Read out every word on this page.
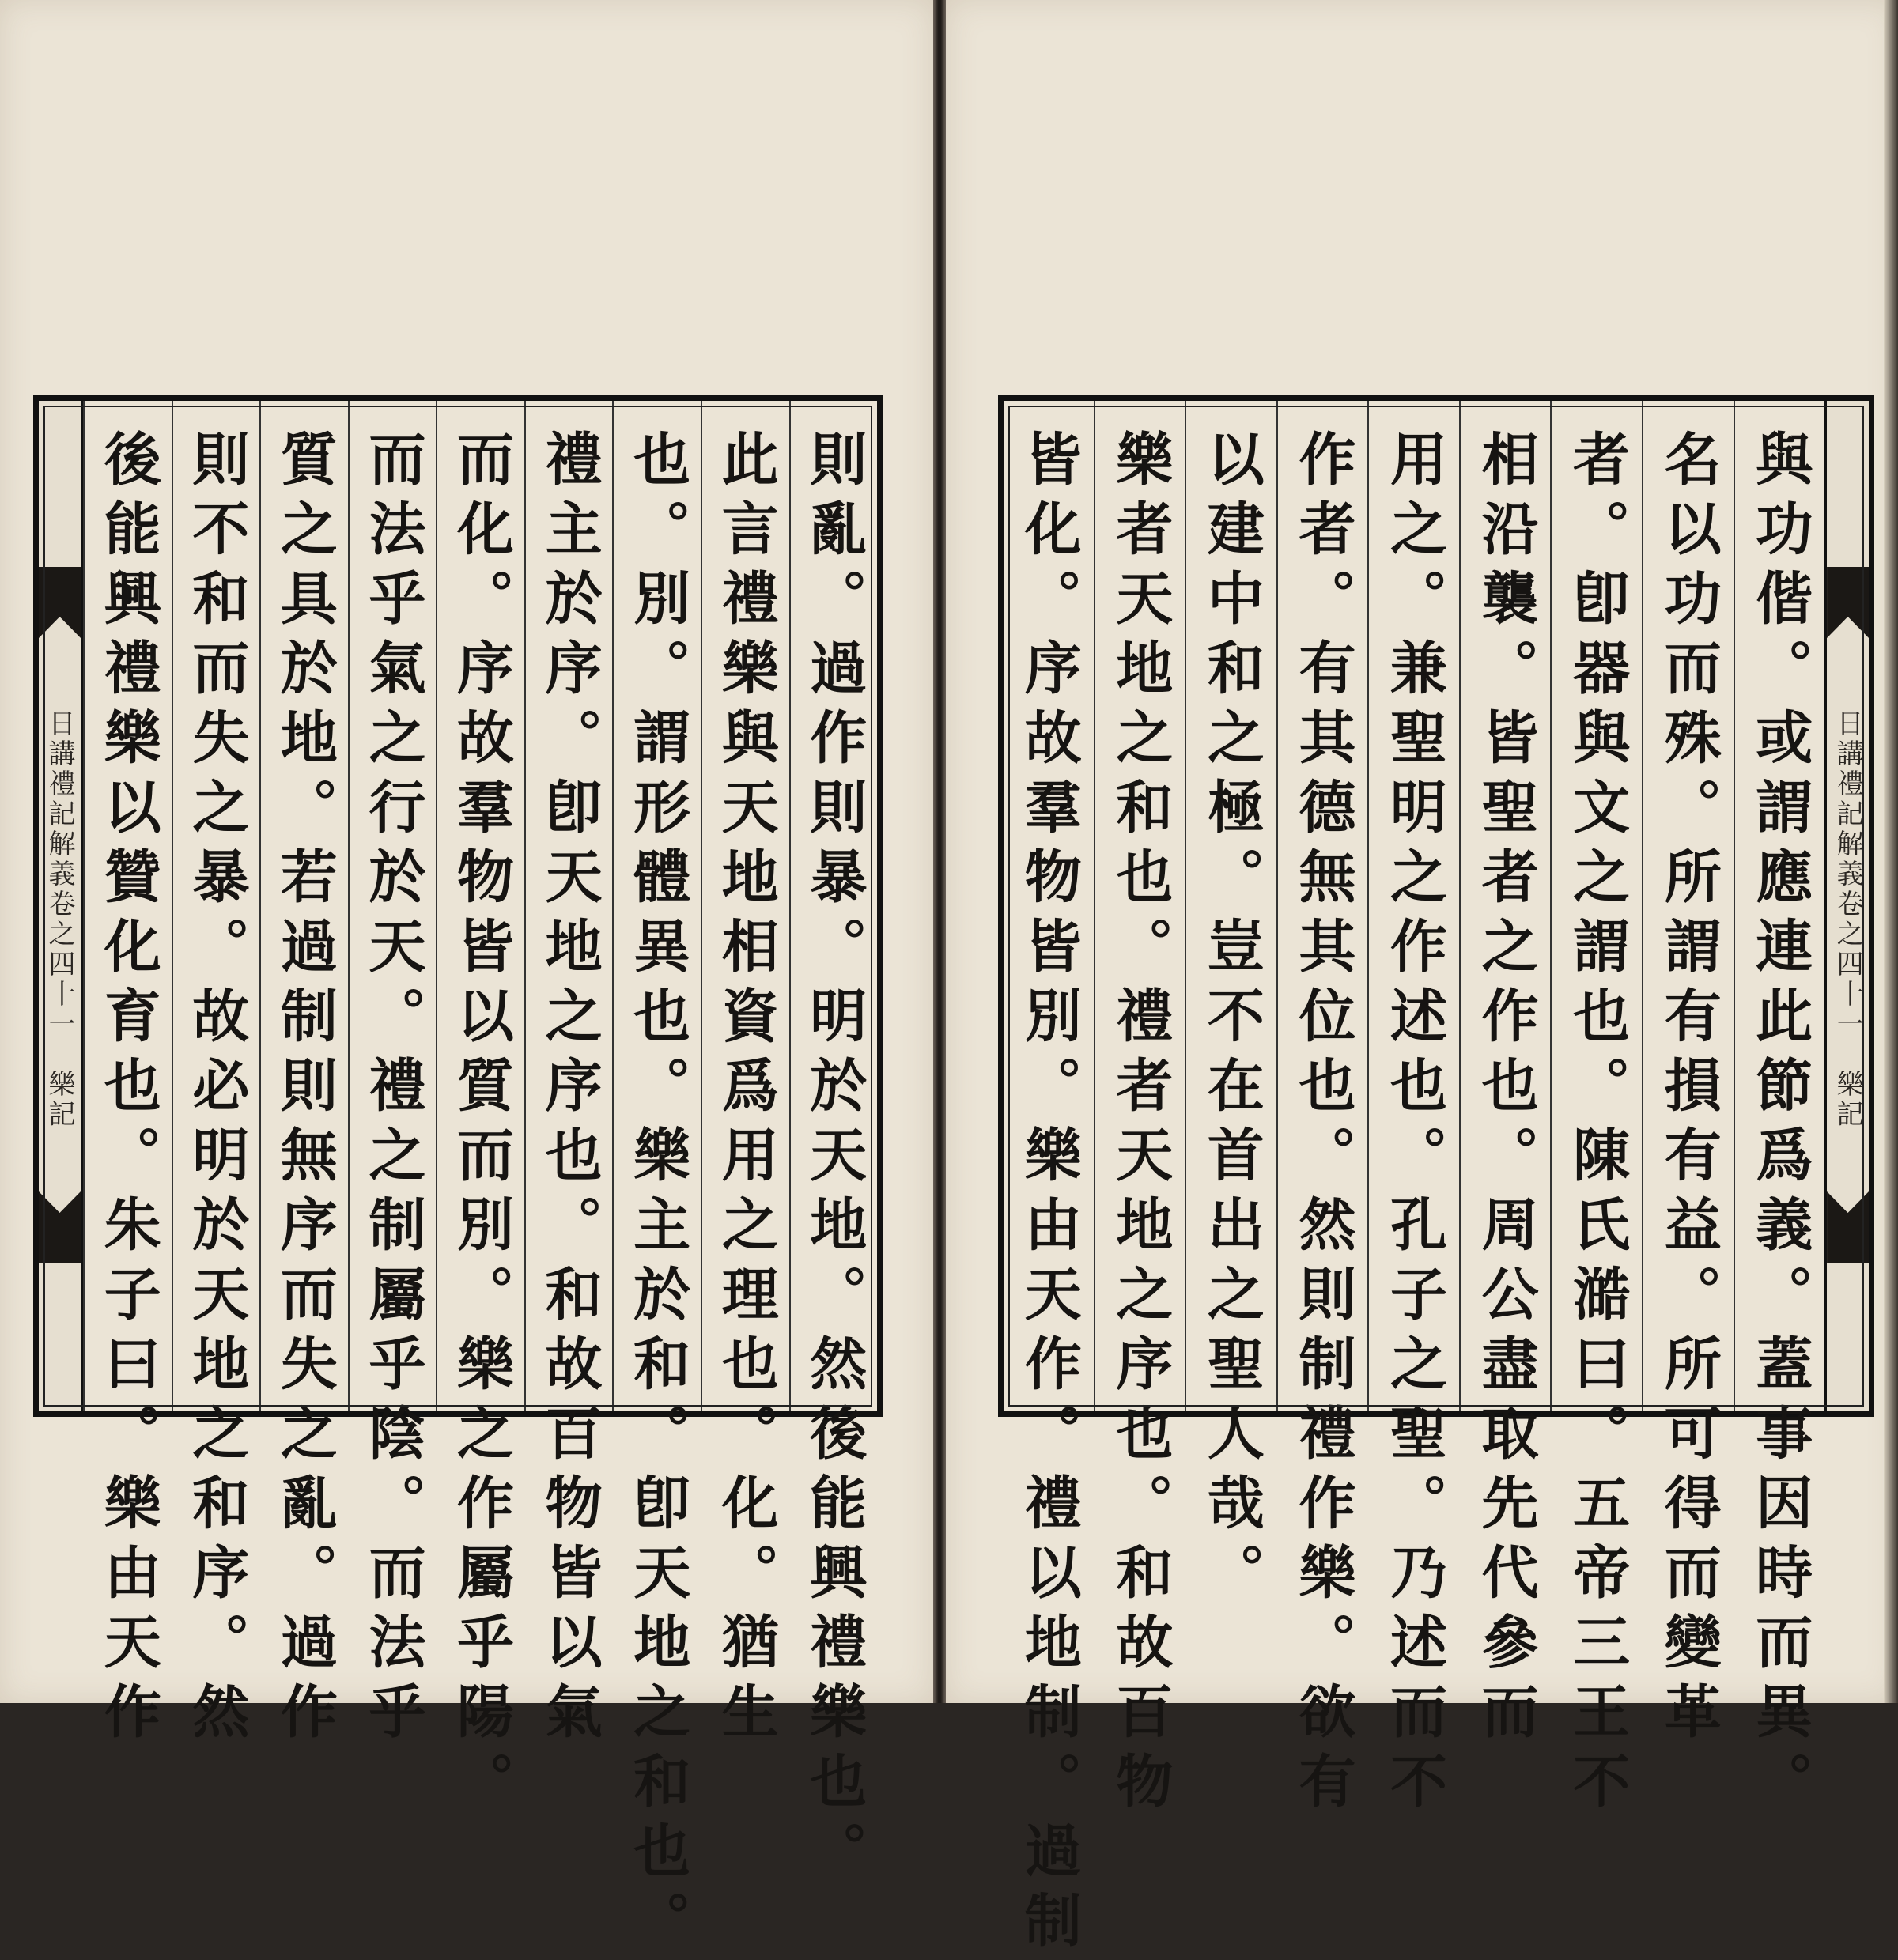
日講禮記解義卷之四十一　樂記 後能興禮樂以贊化育也。朱子曰。樂由天作 則不和而失之暴。故必明於天地之和序。然 質之具於地。若過制則無序而失之亂。過作 而法乎氣之行於天。禮之制屬乎陰。而法乎 而化。序故羣物皆以質而別。樂之作屬乎陽。 禮主於序。卽天地之序也。和故百物皆以氣 也。別。謂形體異也。樂主於和。卽天地之和也。 此言禮樂與天地相資爲用之理也。化。猶生 則亂。過作則暴。明於天地。然後能興禮樂也。	皆化。序故羣物皆別。樂由天作。禮以地制。過制 樂者天地之和也。禮者天地之序也。和故百物 以建中和之極。豈不在首出之聖人哉。 作者。有其德無其位也。然則制禮作樂。欲有 用之。兼聖明之作述也。孔子之聖。乃述而不 相沿襲。皆聖者之作也。周公盡取先代參而 者。卽器與文之謂也。陳氏澔曰。五帝三王不 名以功而殊。所謂有損有益。所可得而變革 與功偕。或謂應連此節爲義。蓋事因時而異。 日講禮記解義卷之四十一　樂記
